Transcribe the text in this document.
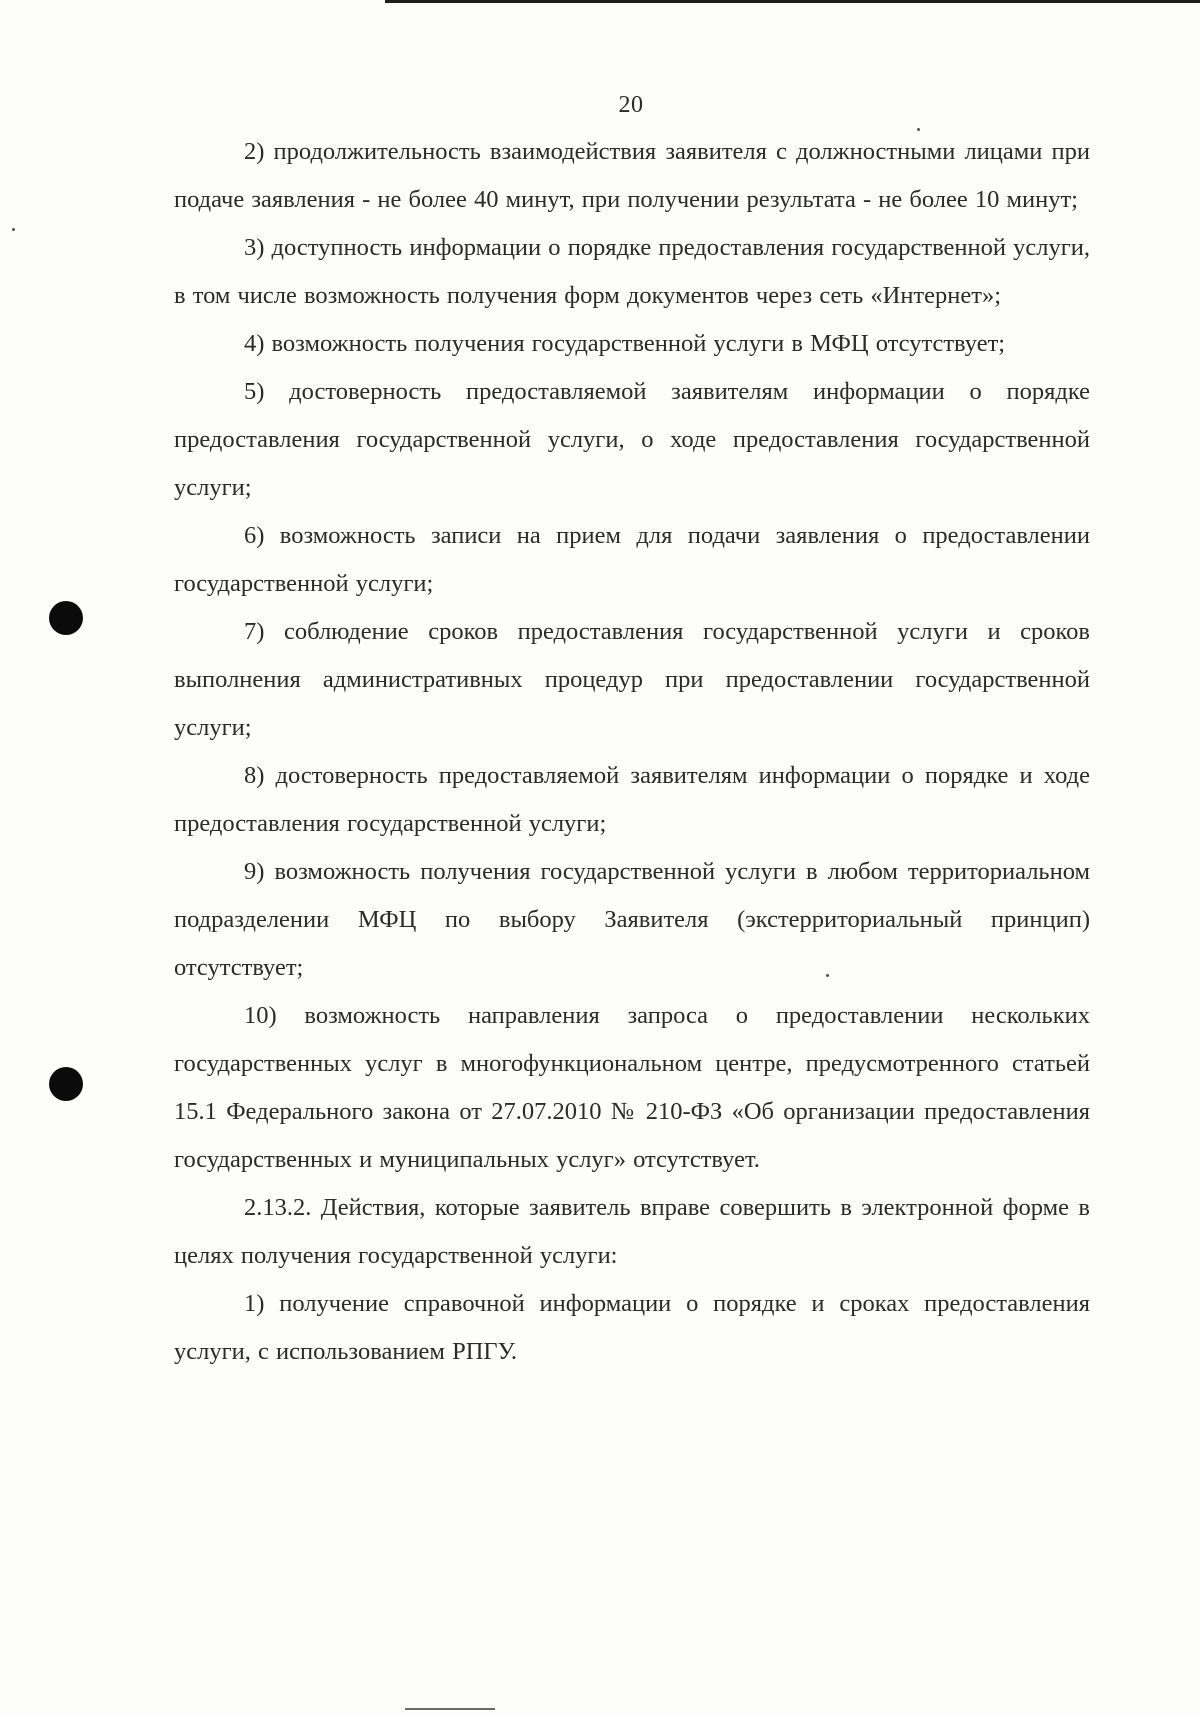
20

2) продолжительность взаимодействия заявителя с должностными лицами при подаче заявления - не более 40 минут, при получении результата - не более 10 минут;

3) доступность информации о порядке предоставления государственной услуги, в том числе возможность получения форм документов через сеть «Интернет»;

4) возможность получения государственной услуги в МФЦ отсутствует;

5) достоверность предоставляемой заявителям информации о порядке предоставления государственной услуги, о ходе предоставления государственной услуги;

6) возможность записи на прием для подачи заявления о предоставлении государственной услуги;

7) соблюдение сроков предоставления государственной услуги и сроков выполнения административных процедур при предоставлении государственной услуги;

8) достоверность предоставляемой заявителям информации о порядке и ходе предоставления государственной услуги;

9) возможность получения государственной услуги в любом территориальном подразделении МФЦ по выбору Заявителя (экстерриториальный принцип) отсутствует;

10) возможность направления запроса о предоставлении нескольких государственных услуг в многофункциональном центре, предусмотренного статьей 15.1 Федерального закона от 27.07.2010 № 210-ФЗ «Об организации предоставления государственных и муниципальных услуг» отсутствует.

2.13.2. Действия, которые заявитель вправе совершить в электронной форме в целях получения государственной услуги:

1) получение справочной информации о порядке и сроках предоставления услуги, с использованием РПГУ.
